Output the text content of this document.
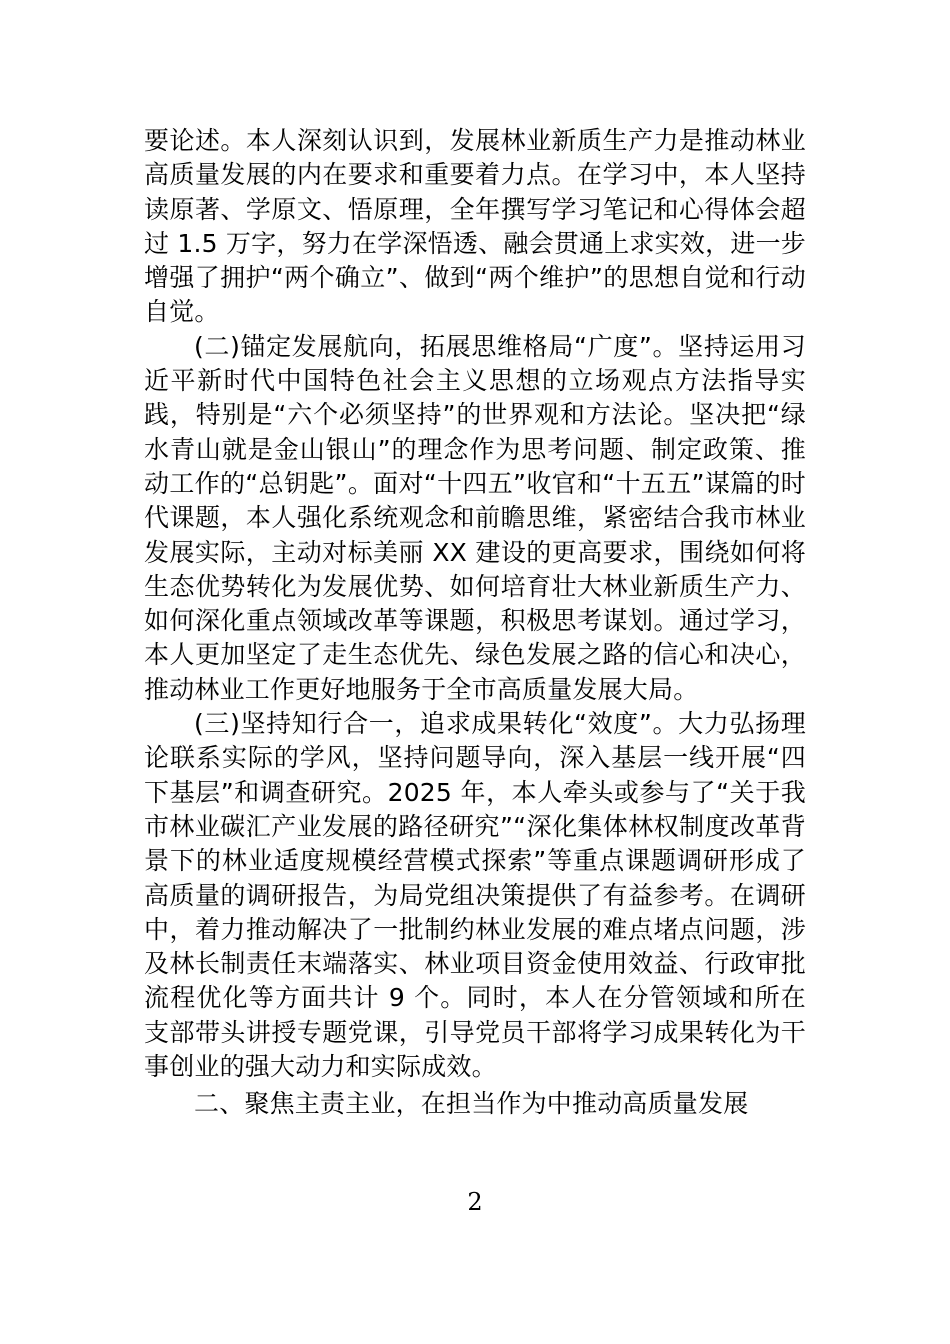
要论述。本人深刻认识到，发展林业新质生产力是推动林业高质量发展的内在要求和重要着力点。在学习中，本人坚持读原著、学原文、悟原理，全年撰写学习笔记和心得体会超过 1.5 万字，努力在学深悟透、融会贯通上求实效，进一步增强了拥护“两个确立”、做到“两个维护”的思想自觉和行动自觉。

(二)锚定发展航向，拓展思维格局“广度”。坚持运用习近平新时代中国特色社会主义思想的立场观点方法指导实践，特别是“六个必须坚持”的世界观和方法论。坚决把“绿水青山就是金山银山”的理念作为思考问题、制定政策、推动工作的“总钥匙”。面对“十四五”收官和“十五五”谋篇的时代课题，本人强化系统观念和前瞻思维，紧密结合我市林业发展实际，主动对标美丽 XX 建设的更高要求，围绕如何将生态优势转化为发展优势、如何培育壮大林业新质生产力、如何深化重点领域改革等课题，积极思考谋划。通过学习，本人更加坚定了走生态优先、绿色发展之路的信心和决心，推动林业工作更好地服务于全市高质量发展大局。

(三)坚持知行合一，追求成果转化“效度”。大力弘扬理论联系实际的学风，坚持问题导向，深入基层一线开展“四下基层”和调查研究。2025 年，本人牵头或参与了“关于我市林业碳汇产业发展的路径研究”“深化集体林权制度改革背景下的林业适度规模经营模式探索”等重点课题调研形成了高质量的调研报告，为局党组决策提供了有益参考。在调研中，着力推动解决了一批制约林业发展的难点堵点问题，涉及林长制责任末端落实、林业项目资金使用效益、行政审批流程优化等方面共计 9 个。同时，本人在分管领域和所在支部带头讲授专题党课，引导党员干部将学习成果转化为干事创业的强大动力和实际成效。

二、聚焦主责主业，在担当作为中推动高质量发展

2
